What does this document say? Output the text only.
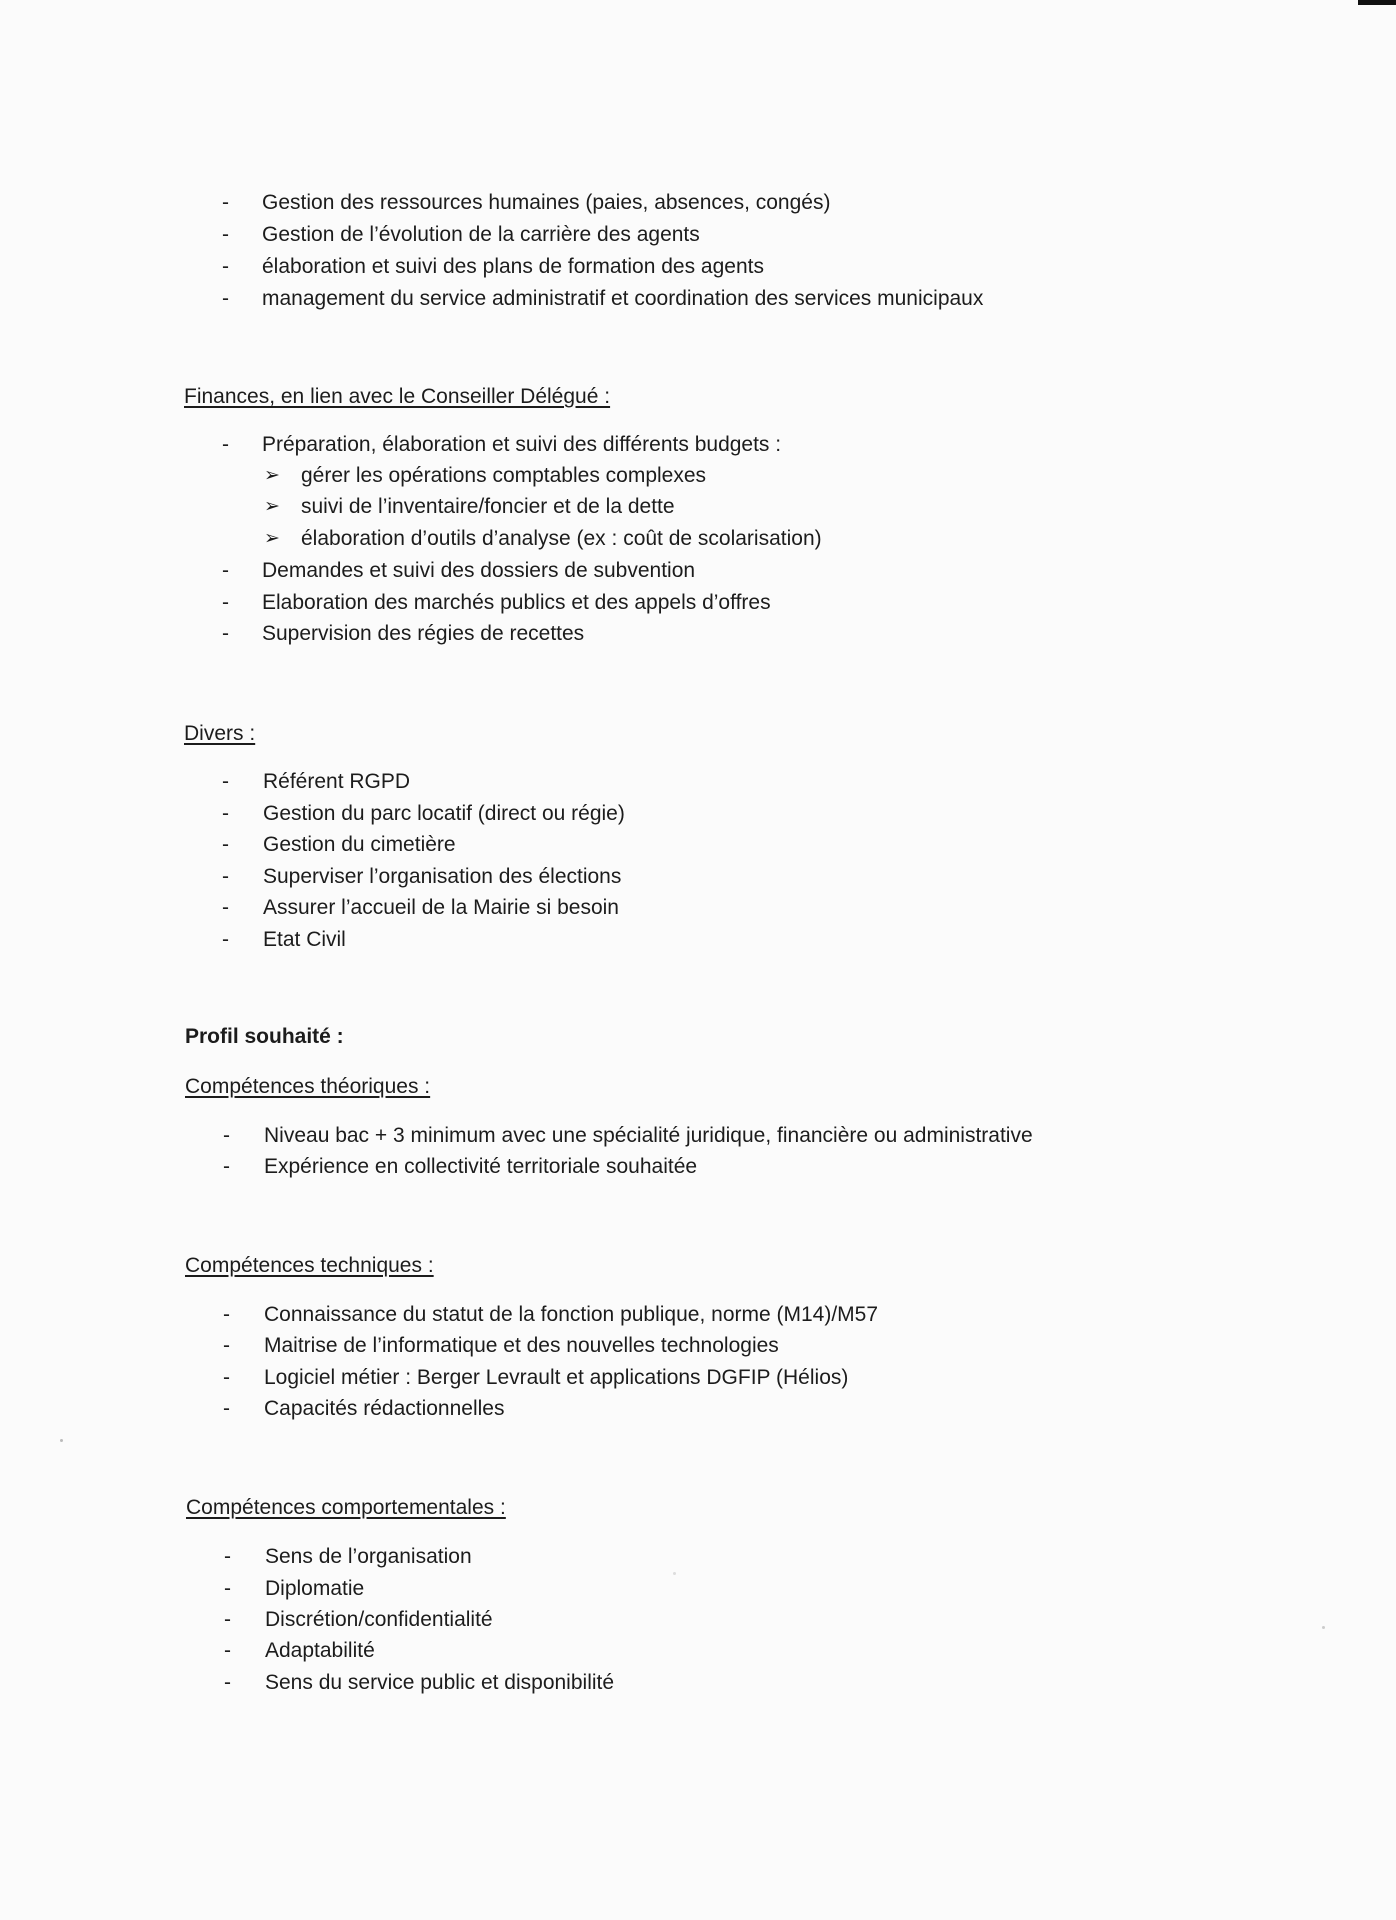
- Gestion des ressources humaines (paies, absences, congés)
- Gestion de l’évolution de la carrière des agents
- élaboration et suivi des plans de formation des agents
- management du service administratif et coordination des services municipaux
Finances, en lien avec le Conseiller Délégué :
- Préparation, élaboration et suivi des différents budgets :
➢ gérer les opérations comptables complexes
➢ suivi de l’inventaire/foncier et de la dette
➢ élaboration d’outils d’analyse (ex : coût de scolarisation)
- Demandes et suivi des dossiers de subvention
- Elaboration des marchés publics et des appels d’offres
- Supervision des régies de recettes
Divers :
- Référent RGPD
- Gestion du parc locatif (direct ou régie)
- Gestion du cimetière
- Superviser l’organisation des élections
- Assurer l’accueil de la Mairie si besoin
- Etat Civil
Profil souhaité :
Compétences théoriques :
- Niveau bac + 3 minimum avec une spécialité juridique, financière ou administrative
- Expérience en collectivité territoriale souhaitée
Compétences techniques :
- Connaissance du statut de la fonction publique, norme (M14)/M57
- Maitrise de l’informatique et des nouvelles technologies
- Logiciel métier : Berger Levrault et applications DGFIP (Hélios)
- Capacités rédactionnelles
Compétences comportementales :
- Sens de l’organisation
- Diplomatie
- Discrétion/confidentialité
- Adaptabilité
- Sens du service public et disponibilité
